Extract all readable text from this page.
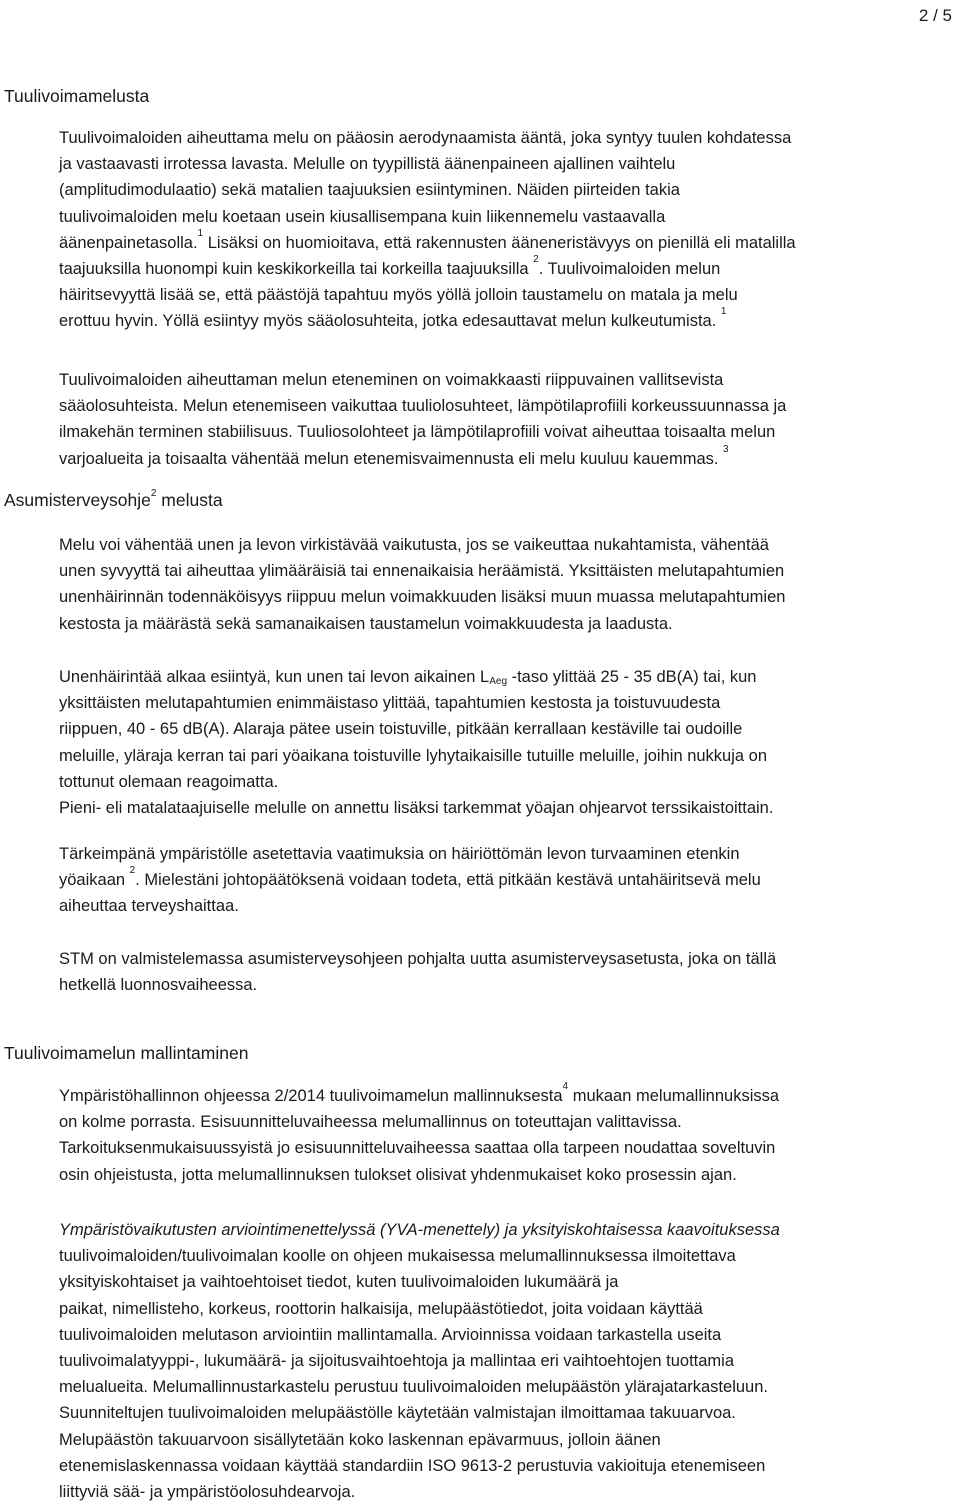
2 / 5
Tuulivoimamelusta
Tuulivoimaloiden aiheuttama melu on pääosin aerodynaamista ääntä, joka syntyy tuulen kohdatessa
ja vastaavasti irrotessa lavasta. Melulle on tyypillistä äänenpaineen ajallinen vaihtelu
(amplitudimodulaatio) sekä matalien taajuuksien esiintyminen. Näiden piirteiden takia
tuulivoimaloiden melu koetaan usein kiusallisempana kuin liikennemelu vastaavalla
äänenpainetasolla.$^1$ Lisäksi on huomioitava, että rakennusten ääneneristävyys on pienillä eli matalilla
taajuuksilla huonompi kuin keskikorkeilla tai korkeilla taajuuksilla $^2$. Tuulivoimaloiden melun
häiritsevyyttä lisää se, että päästöjä tapahtuu myös yöllä jolloin taustamelu on matala ja melu
erottuu hyvin. Yöllä esiintyy myös sääolosuhteita, jotka edesauttavat melun kulkeutumista. $^1$
Tuulivoimaloiden aiheuttaman melun eteneminen on voimakkaasti riippuvainen vallitsevista
sääolosuhteista. Melun etenemiseen vaikuttaa tuuliolosuhteet, lämpötilaprofiili korkeussuunnassa ja
ilmakehän terminen stabiilisuus. Tuuliosolohteet ja lämpötilaprofiili voivat aiheuttaa toisaalta melun
varjoalueita ja toisaalta vähentää melun etenemisvaimennusta eli melu kuuluu kauemmas. $^3$
Asumisterveysohje$^2$ melusta
Melu voi vähentää unen ja levon virkistävää vaikutusta, jos se vaikeuttaa nukahtamista, vähentää
unen syvyyttä tai aiheuttaa ylimääräisiä tai ennenaikaisia heräämistä. Yksittäisten melutapahtumien
unenhäirinnän todennäköisyys riippuu melun voimakkuuden lisäksi muun muassa melutapahtumien
kestosta ja määrästä sekä samanaikaisen taustamelun voimakkuudesta ja laadusta.
Unenhäirintää alkaa esiintyä, kun unen tai levon aikainen $L_{Aeg}$ -taso ylittää 25 - 35 dB(A) tai, kun
yksittäisten melutapahtumien enimmäistaso ylittää, tapahtumien kestosta ja toistuvuudesta
riippuen, 40 - 65 dB(A). Alaraja pätee usein toistuville, pitkään kerrallaan kestäville tai oudoille
meluille, yläraja kerran tai pari yöaikana toistuville lyhytaikaisille tutuille meluille, joihin nukkuja on
tottunut olemaan reagoimatta.
Pieni- eli matalataajuiselle melulle on annettu lisäksi tarkemmat yöajan ohjearvot terssikaistoittain.
Tärkeimpänä ympäristölle asetettavia vaatimuksia on häiriöttömän levon turvaaminen etenkin
yöaikaan $^2$. Mielestäni johtopäätöksenä voidaan todeta, että pitkään kestävä untahäiritsevä melu
aiheuttaa terveyshaittaa.
STM on valmistelemassa asumisterveysohjeen pohjalta uutta asumisterveysasetusta, joka on tällä
hetkellä luonnosvaiheessa.
Tuulivoimamelun mallintaminen
Ympäristöhallinnon ohjeessa 2/2014 tuulivoimamelun mallinnuksesta$^4$ mukaan melumallinnuksissa
on kolme porrasta. Esisuunnitteluvaiheessa melumallinnus on toteuttajan valittavissa.
Tarkoituksenmukaisuussyistä jo esisuunnitteluvaiheessa saattaa olla tarpeen noudattaa soveltuvin
osin ohjeistusta, jotta melumallinnuksen tulokset olisivat yhdenmukaiset koko prosessin ajan.
Ympäristövaikutusten arviointimenettelyssä (YVA-menettely) ja yksityiskohtaisessa kaavoituksessa
tuulivoimaloiden/tuulivoimalan koolle on ohjeen mukaisessa melumallinnuksessa ilmoitettava
yksityiskohtaiset ja vaihtoehtoiset tiedot, kuten tuulivoimaloiden lukumäärä ja
paikat, nimellisteho, korkeus, roottorin halkaisija, melupäästötiedot, joita voidaan käyttää
tuulivoimaloiden melutason arviointiin mallintamalla. Arvioinnissa voidaan tarkastella useita
tuulivoimalatyyppi-, lukumäärä- ja sijoitusvaihtoehtoja ja mallintaa eri vaihtoehtojen tuottamia
melualueita. Melumallinnustarkastelu perustuu tuulivoimaloiden melupäästön ylärajatarkasteluun.
Suunniteltujen tuulivoimaloiden melupäästölle käytetään valmistajan ilmoittamaa takuuarvoa.
Melupäästön takuuarvoon sisällytetään koko laskennan epävarmuus, jolloin äänen
etenemislaskennassa voidaan käyttää standardiin ISO 9613-2 perustuvia vakioituja etenemiseen
liittyviä sää- ja ympäristöolosuhdearvoja.
